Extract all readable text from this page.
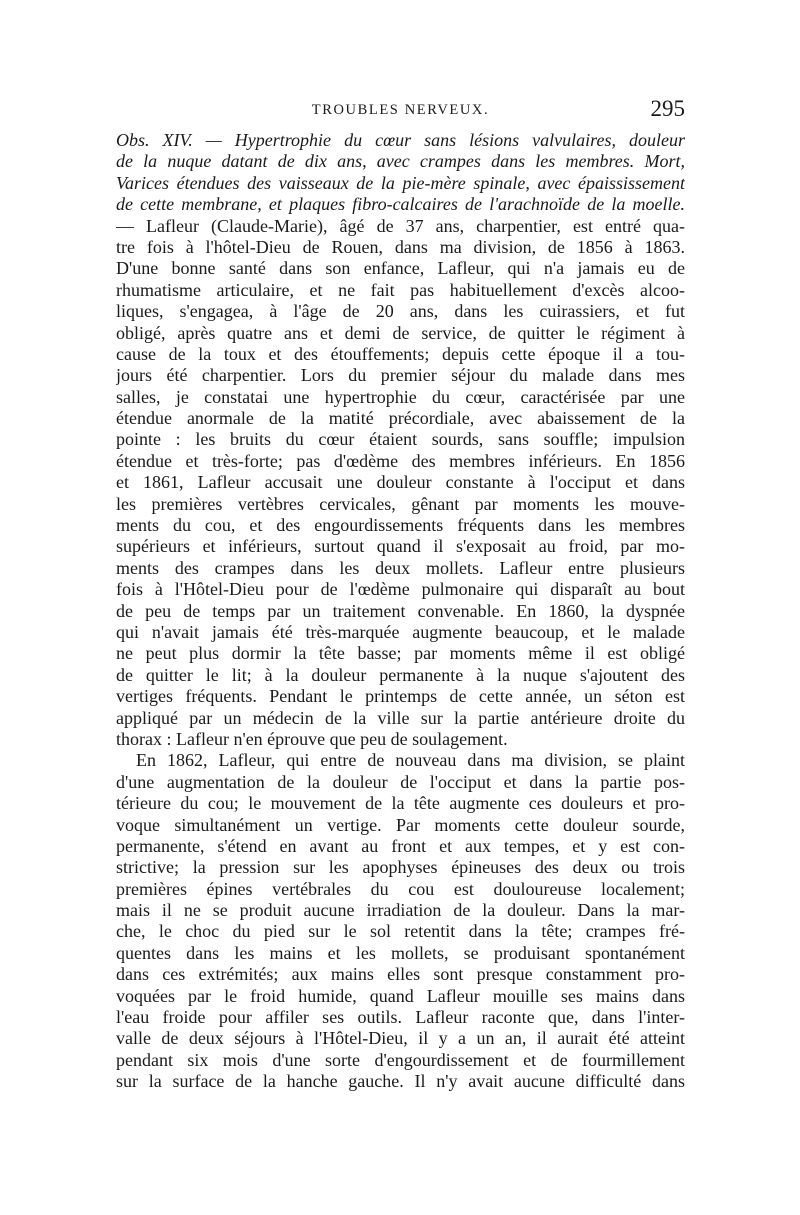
TROUBLES NERVEUX.	295
Obs. XIV. — Hypertrophie du cœur sans lésions valvulaires, douleur
de la nuque datant de dix ans, avec crampes dans les membres. Mort,
Varices étendues des vaisseaux de la pie-mère spinale, avec épaississement
de cette membrane, et plaques fibro-calcaires de l'arachnoïde de la moelle.
— Lafleur (Claude-Marie), âgé de 37 ans, charpentier, est entré qua-
tre fois à l'hôtel-Dieu de Rouen, dans ma division, de 1856 à 1863.
D'une bonne santé dans son enfance, Lafleur, qui n'a jamais eu de
rhumatisme articulaire, et ne fait pas habituellement d'excès alcoo-
liques, s'engagea, à l'âge de 20 ans, dans les cuirassiers, et fut
obligé, après quatre ans et demi de service, de quitter le régiment à
cause de la toux et des étouffements; depuis cette époque il a tou-
jours été charpentier. Lors du premier séjour du malade dans mes
salles, je constatai une hypertrophie du cœur, caractérisée par une
étendue anormale de la matité précordiale, avec abaissement de la
pointe : les bruits du cœur étaient sourds, sans souffle; impulsion
étendue et très-forte; pas d'œdème des membres inférieurs. En 1856
et 1861, Lafleur accusait une douleur constante à l'occiput et dans
les premières vertèbres cervicales, gênant par moments les mouve-
ments du cou, et des engourdissements fréquents dans les membres
supérieurs et inférieurs, surtout quand il s'exposait au froid, par mo-
ments des crampes dans les deux mollets. Lafleur entre plusieurs
fois à l'Hôtel-Dieu pour de l'œdème pulmonaire qui disparaît au bout
de peu de temps par un traitement convenable. En 1860, la dyspnée
qui n'avait jamais été très-marquée augmente beaucoup, et le malade
ne peut plus dormir la tête basse; par moments même il est obligé
de quitter le lit; à la douleur permanente à la nuque s'ajoutent des
vertiges fréquents. Pendant le printemps de cette année, un séton est
appliqué par un médecin de la ville sur la partie antérieure droite du
thorax : Lafleur n'en éprouve que peu de soulagement.
En 1862, Lafleur, qui entre de nouveau dans ma division, se plaint
d'une augmentation de la douleur de l'occiput et dans la partie pos-
térieure du cou; le mouvement de la tête augmente ces douleurs et pro-
voque simultanément un vertige. Par moments cette douleur sourde,
permanente, s'étend en avant au front et aux tempes, et y est con-
strictive; la pression sur les apophyses épineuses des deux ou trois
premières épines vertébrales du cou est douloureuse localement;
mais il ne se produit aucune irradiation de la douleur. Dans la mar-
che, le choc du pied sur le sol retentit dans la tête; crampes fré-
quentes dans les mains et les mollets, se produisant spontanément
dans ces extrémités; aux mains elles sont presque constamment pro-
voquées par le froid humide, quand Lafleur mouille ses mains dans
l'eau froide pour affiler ses outils. Lafleur raconte que, dans l'inter-
valle de deux séjours à l'Hôtel-Dieu, il y a un an, il aurait été atteint
pendant six mois d'une sorte d'engourdissement et de fourmillement
sur la surface de la hanche gauche. Il n'y avait aucune difficulté dans
